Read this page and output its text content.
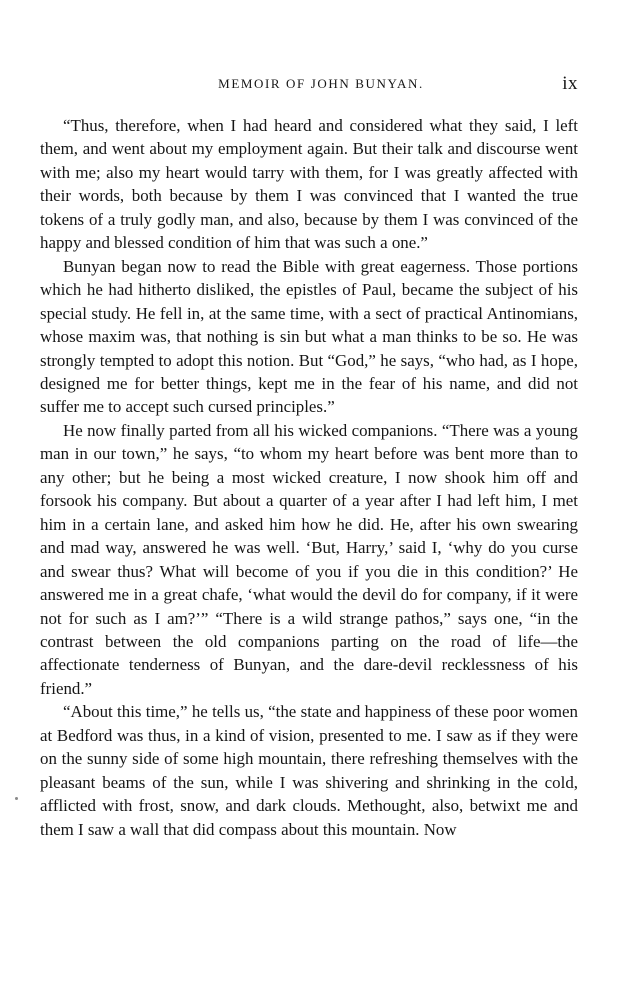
MEMOIR OF JOHN BUNYAN.	ix

“Thus, therefore, when I had heard and considered what they said, I left them, and went about my employment again. But their talk and discourse went with me; also my heart would tarry with them, for I was greatly affected with their words, both because by them I was convinced that I wanted the true tokens of a truly godly man, and also, because by them I was convinced of the happy and blessed condition of him that was such a one.”

Bunyan began now to read the Bible with great eagerness. Those portions which he had hitherto disliked, the epistles of Paul, became the subject of his special study. He fell in, at the same time, with a sect of practical Antinomians, whose maxim was, that nothing is sin but what a man thinks to be so. He was strongly tempted to adopt this notion. But “God,” he says, “who had, as I hope, designed me for better things, kept me in the fear of his name, and did not suffer me to accept such cursed principles.”

He now finally parted from all his wicked companions. “There was a young man in our town,” he says, “to whom my heart before was bent more than to any other; but he being a most wicked creature, I now shook him off and forsook his company. But about a quarter of a year after I had left him, I met him in a certain lane, and asked him how he did. He, after his own swearing and mad way, answered he was well. ‘But, Harry,’ said I, ‘why do you curse and swear thus? What will become of you if you die in this condition?’ He answered me in a great chafe, ‘what would the devil do for company, if it were not for such as I am?’” “There is a wild strange pathos,” says one, “in the contrast between the old companions parting on the road of life—the affectionate tenderness of Bunyan, and the dare-devil recklessness of his friend.”

“About this time,” he tells us, “the state and happiness of these poor women at Bedford was thus, in a kind of vision, presented to me. I saw as if they were on the sunny side of some high mountain, there refreshing themselves with the pleasant beams of the sun, while I was shivering and shrinking in the cold, afflicted with frost, snow, and dark clouds. Methought, also, betwixt me and them I saw a wall that did compass about this mountain. Now
